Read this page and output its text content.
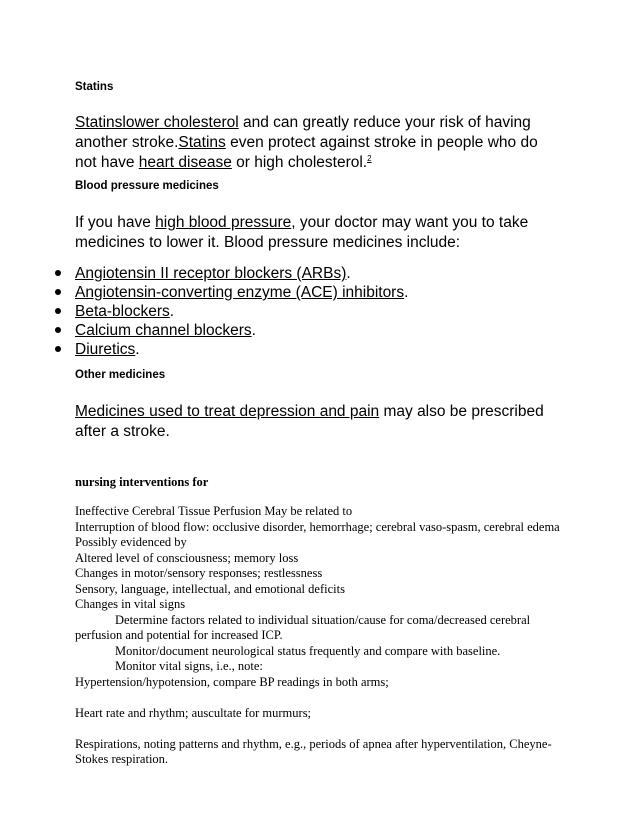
Statins

Statinslower cholesterol and can greatly reduce your risk of having another stroke.Statins even protect against stroke in people who do not have heart disease or high cholesterol.$^2$

Blood pressure medicines

If you have high blood pressure, your doctor may want you to take medicines to lower it. Blood pressure medicines include:

Angiotensin II receptor blockers (ARBs).
Angiotensin-converting enzyme (ACE) inhibitors.
Beta-blockers.
Calcium channel blockers.
Diuretics.

Other medicines

Medicines used to treat depression and pain may also be prescribed after a stroke.

nursing interventions for

Ineffective Cerebral Tissue Perfusion May be related to
Interruption of blood flow: occlusive disorder, hemorrhage; cerebral vaso-spasm, cerebral edema
Possibly evidenced by
Altered level of consciousness; memory loss
Changes in motor/sensory responses; restlessness
Sensory, language, intellectual, and emotional deficits
Changes in vital signs
Determine factors related to individual situation/cause for coma/decreased cerebral
perfusion and potential for increased ICP.
Monitor/document neurological status frequently and compare with baseline.
Monitor vital signs, i.e., note:
Hypertension/hypotension, compare BP readings in both arms;
Heart rate and rhythm; auscultate for murmurs;
Respirations, noting patterns and rhythm, e.g., periods of apnea after hyperventilation, Cheyne-
Stokes respiration.
